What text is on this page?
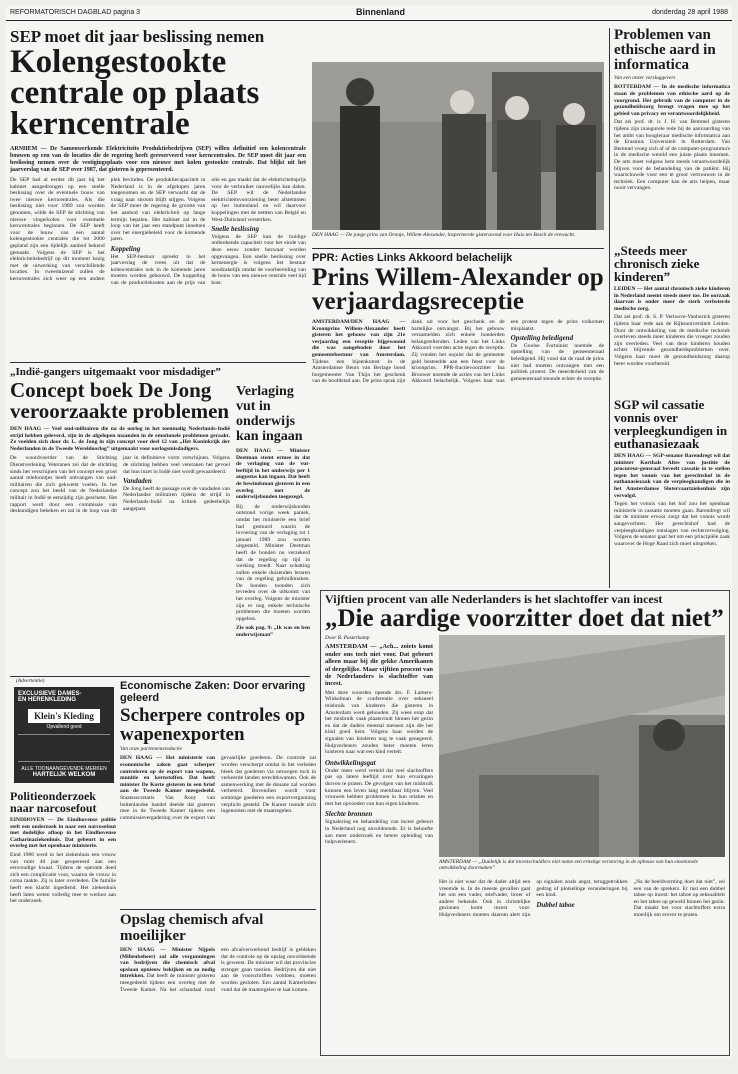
REFORMATORISCH DAGBLAD pagina 3	Binnenland	donderdag 28 april 1988
SEP moet dit jaar beslissing nemen
Kolengestookte centrale op plaats kerncentrale
ARNHEM — De Samenwerkende Elektriciteits Produktiebedrijven (SEP) willen definitief een kolencentrale bouwen op een van de locaties die de regering heeft gereserveerd voor kerncentrales. De SEP moet dit jaar een beslissing nemen over de vestigingsplaats voor een nieuwe met kolen gestookte centrale. Dat blijkt uit het jaarverslag van de SEP over 1987, dat gisteren is gepresenteerd.
De SEP had al eerder dit jaar bij het kabinet aangedrongen op een snelle beslissing over de eventuele bouw van twee nieuwe kerncentrales. Als die beslissing niet voor 1989 zou worden genomen, wilde de SEP de stichting van nieuwe vingerkolen voor eventuele kerncentrales beginnen. De SEP heeft voor de bouw van een aantal kolengestookte centrales die tot 2000 gepland zijn een tijdelijk aanbod bekend gemaakt. Volgens de SEP is het elektriciteitsbedrijf op dit moment bezig met de uitwerking van verschillende locaties. In tweeduizend zullen de kerncentrales zich weer op een andere plek bevinden. De produktiecapaciteit in Nederland is in de afgelopen jaren toegenomen en de SEP verwacht dat de vraag naar stroom blijft stijgen. Volgens de SEP moet de regering de grootte van het aanbod van elektriciteit op lange termijn bepalen. Het kabinet zal in de loop van het jaar een standpunt innemen over het energiebeleid voor de komende jaren.
Koppeling
Het SEP-bestuur spreekt in het jaarverslag de vrees uit dat de kolencentrales ook in de komende jaren moeten worden gebouwd. De koppeling van de productiekosten aan de prijs van olie en gas maakt dat de elektriciteitsprijs voor de verbruiker nauwelijks kan dalen. De SEP wil de Nederlandse elektriciteitsvoorziening beter afstemmen op het buitenland en wil daarvoor koppelingen met de nettten van België en West-Duitsland versterken.
Snelle beslissing
Volgens de SEP kan de huidige ontbrekende capaciteit voor het einde van deze eeuw zonder bezwaar worden opgevangen. Een snelle beslissing over kernenergie is volgens het bestuur noodzakelijk omdat de voorbereiding van de bouw van een nieuwe centrale veel tijd kost.
„Indië-gangers uitgemaakt voor misdadiger”
Concept boek De Jong veroorzaakte problemen
DEN HAAG — Veel oud-militairen die na de oorlog in het toenmalig Nederlands-Indië strijd hebben geleverd, zijn in de afgelopen maanden in de emotionele problemen geraakt. Ze voelden zich door dr. L. de Jong in zijn concept voor deel 12 van „Het Koninkrijk der Nederlanden in de Tweede Wereldoorlog” uitgemaakt voor oorlogsmisdadigers.
De woordvoerder van de Stichting Dienstverlening Veteranen zei dat de stichting sinds het verschijnen van het concept een groot aantal telefoontjes heeft ontvangen van oud-militairen die zich gekwetst voelen. In het concept zou het beeld van de Nederlandse militair in Indië te eenzijdig zijn geschetst. Het rapport werd door een commissie van deskundigen bekeken en zal in de loop van dit jaar in definitieve vorm verschijnen. Volgens de stichting hebben veel veteranen het gevoel dat hun inzet in Indië niet wordt gewaardeerd.
Vandaden
De Jong heeft de passage over de vandaden van Nederlandse militairen tijdens de strijd in Nederlands-Indië na kritiek gedeeltelijk aangepast.
Verlaging vut in onderwijs kan ingaan
DEN HAAG — Minister Deetman stemt ermee in dat de verlaging van de vut-leeftijd in het onderwijs per 1 augustus kan ingaan. Dat heeft de bewindsman gisteren in een overleg met de onderwijsbonden toegezegd.
Bij de onderwijsbonden ontstond vorige week paniek, omdat het ministerie een brief had gestuurd waarin de invoering van de verlaging tot 1 januari 1989 zou worden uitgesteld. Minister Deetman heeft de bonden nu verzekerd dat de regeling op tijd in werking treedt. Naar schatting zullen enkele duizenden leraren van de regeling gebruikmaken. De bonden toonden zich tevreden over de uitkomst van het overleg. Volgens de minister zijn er nog enkele technische problemen die moeten worden opgelost.
Zie ook pag. 9: „Ik was en ben onderwijsman”
DEN HAAG — De jonge prins van Oranje, Willem-Alexander, inspecteerde gisteravond voor Huis ten Bosch de erewacht.
PPR: Acties Links Akkoord belachelijk
Prins Willem-Alexander op verjaardagsreceptie
AMSTERDAM/DEN HAAG — Kroonprins Willem-Alexander heeft gisteren het gebouw van zijn 21e verjaardag een receptie bijgewoond die was aangeboden door het gemeentebestuur van Amsterdam. Tijdens een bijeenkomst in de Amsterdamse Beurs van Berlage bood burgemeester Van Thijn het geschenk van de hoofdstad aan. De prins sprak zijn dank uit voor het geschenk en de hartelijke ontvangst. Bij het gebouw verzamelden zich enkele honderden belangstellenden. Leden van het Links Akkoord voerden actie tegen de receptie. Zij vonden het onjuist dat de gemeente geld besteedde aan een feest voor de kroonprins. PPR-fractievoorzitter Ina Brouwer noemde de acties van het Links Akkoord belachelijk. Volgens haar was een protest tegen de prins volkomen misplaatst.
Opstelling beledigend
De Gooise Fortuinist noemde de opstelling van de gemeenteraad beledigend. Hij vond dat de raad de prins niet had moeten ontvangen met een politiek protest. De meerderheid van de gemeenteraad steunde echter de receptie.
Problemen van ethische aard in informatica
Van een onzer verslaggevers
ROTTERDAM — In de medische informatica staan de problemen van ethische aard op de voorgrond. Het gebruik van de computer in de gezondheidszorg brengt vragen mee op het gebied van privacy en verantwoordelijkheid.
Dat zei prof. dr. ir. J. H. van Bemmel gisteren tijdens zijn inaugurele rede bij de aanvaarding van het ambt van hoogleraar medische informatica aan de Erasmus Universiteit in Rotterdam. Van Bemmel vroeg zich af of de computer-programma's in de medische wereld een juiste plaats innemen. De arts moet volgens hem steeds verantwoordelijk blijven voor de behandeling van de patiënt. Hij waarschuwde voor een te groot vertrouwen in de techniek. Een computer kan de arts helpen, maar nooit vervangen.
„Steeds meer chronisch zieke kinderen”
LEIDEN — Het aantal chronisch zieke kinderen in Nederland neemt steeds meer toe. De oorzaak daarvan is onder meer de sterk verbeterde medische zorg.
Dat zei prof. dr. S. P. Verloove-Vanhorick gisteren tijdens haar rede aan de Rijksuniversiteit Leiden. Door de ontwikkeling van de medische techniek overleven steeds meer kinderen die vroeger zouden zijn overleden. Veel van deze kinderen houden echter blijvende gezondheidsproblemen over. Volgens haar moet de gezondheidszorg daarop beter worden voorbereid.
SGP wil cassatie vonnis over verpleegkundigen in euthanasiezaak
DEN HAAG — SGP-senator Barendregt wil dat minister Korthals Altes van justitie de procureur-generaal beveelt cassatie in te stellen tegen het vonnis van het gerechtshof in de euthanasiezaak van de verpleegkundigen die in het Amsterdamse Slotervaartziekenhuis zijn vervolgd.
Tegen het vonnis van het hof zou het openbaar ministerie in cassatie moeten gaan. Barendregt wil dat de minister ervoor zorgt dat het vonnis wordt aangevochten. Het gerechtshof had de verpleegkundigen ontslagen van rechtsvervolging. Volgens de senator gaat het om een principiële zaak waarover de Hoge Raad zich moet uitspreken.
(Advertentie)
EXCLUSIEVE DAMES-
EN HERENKLEDING
Klein's Kleding
Opvallend goed
ALLE TOONAANGEVENDE MERKEN
HARTELIJK WELKOM
Politieonderzoek naar narcosefout
EINDHOVEN — De Eindhovense politie stelt een onderzoek in naar een narcosefout met dodelijke afloop in het Eindhovense Catharinaziekenhuis. Dat gebeurt in een overleg met het openbaar ministerie.
Eind 1986 werd in het ziekenhuis een vrouw van ruim 40 jaar geopereerd aan een eenvoudige kwaal. Tijdens de operatie deed zich een complicatie voor, waarna de vrouw in coma raakte. Zij is later overleden. De familie heeft een klacht ingediend. Het ziekenhuis heeft laten weten volledig mee te werken aan het onderzoek.
Economische Zaken: Door ervaring geleerd
Scherpere controles op wapenexporten
Van onze parlementsredactie
DEN HAAG — Het ministerie van economische zaken gaat scherper controleren op de export van wapens, munitie en kernstoffen. Dat heeft minister De Korte gisteren in een brief aan de Tweede Kamer meegedeeld. Staatssecretaris Van Rooy van buitenlandse handel deelde dat gisteren mee in de Tweede Kamer tijdens een commissievergadering over de export van gevaarlijke goederen. De controle zal worden verscherpt omdat in het verleden bleek dat goederen via omwegen toch in verkeerde landen terechtkwamen. Ook de samenwerking met de douane zal worden verbeterd. Bovendien wordt voor sommige goederen een exportvergunning verplicht gesteld. De Kamer toonde zich ingenomen met de maatregelen.
Opslag chemisch afval moeilijker
DEN HAAG — Minister Nijpels (Milieubeheer) zal alle vergunningen van bedrijven die chemisch afval opslaan opnieuw bekijken en zo nodig intrekken. Dat heeft de minister gisteren meegedeeld tijdens een overleg met de Tweede Kamer. Na het schandaal rond een afvalverwerkend bedrijf is gebleken dat de controle op de opslag onvoldoende is geweest. De minister wil dat provincies strenger gaan toezien. Bedrijven die niet aan de voorschriften voldoen, moeten worden gesloten. Een aantal Kamerleden vond dat de maatregelen te laat komen.
Vijftien procent van alle Nederlanders is het slachtoffer van incest
„Die aardige voorzitter doet dat niet”
Door R. Pasterkamp
AMSTERDAM — „Ach... zoiets komt onder ons toch niet voor. Dat gebeurt alleen maar bij die gekke Amerikanen of dergelijke. Maar vijftien procent van de Nederlanders is slachtoffer van incest.
Met deze woorden opende drs. F. Lamers-Winkelman de conferentie over seksueel misbruik van kinderen die gisteren in Amsterdam werd gehouden. Zij wees erop dat het misbruik vaak plaatsvindt binnen het gezin en dat de daders meestal mensen zijn die het kind goed kent. Volgens haar worden de signalen van kinderen nog te vaak genegeerd. Hulpverleners zouden beter moeten leren luisteren naar wat een kind vertelt.
Ontwikkelingsgat
Onder meer werd verteld dat veel slachtoffers pas op latere leeftijd over hun ervaringen durven te praten. De gevolgen van het misbruik kunnen een leven lang merkbaar blijven. Veel vrouwen hebben problemen in hun relaties en met het opvoeden van hun eigen kinderen.
Slechte bronnen
Signalering en behandeling van incest gebeurt in Nederland nog onvoldoende. Er is behoefte aan meer onderzoek en betere opleiding van hulpverleners.
AMSTERDAM — „Duidelijk is dat incestschuldlers niet name een ernstige verstoring in de opbouw van hun emotionele ontwikkeling doormaken”
Het is niet waar dat de dader altijd een vreemde is. In de meeste gevallen gaat het om een vader, stiefvader, broer of andere bekende. Ook in christelijke gezinnen komt incest voor. Hulpverleners moeten daarom alert zijn op signalen zoals angst, teruggetrokken gedrag of plotselinge veranderingen bij een kind.
Dubbel taboe
„Na de beeldvorming doet dat niet”, zei een van de sprekers. Er rust een dubbel taboe op incest: het taboe op seksualiteit en het taboe op geweld binnen het gezin. Dat maakt het voor slachtoffers extra moeilijk om erover te praten.
